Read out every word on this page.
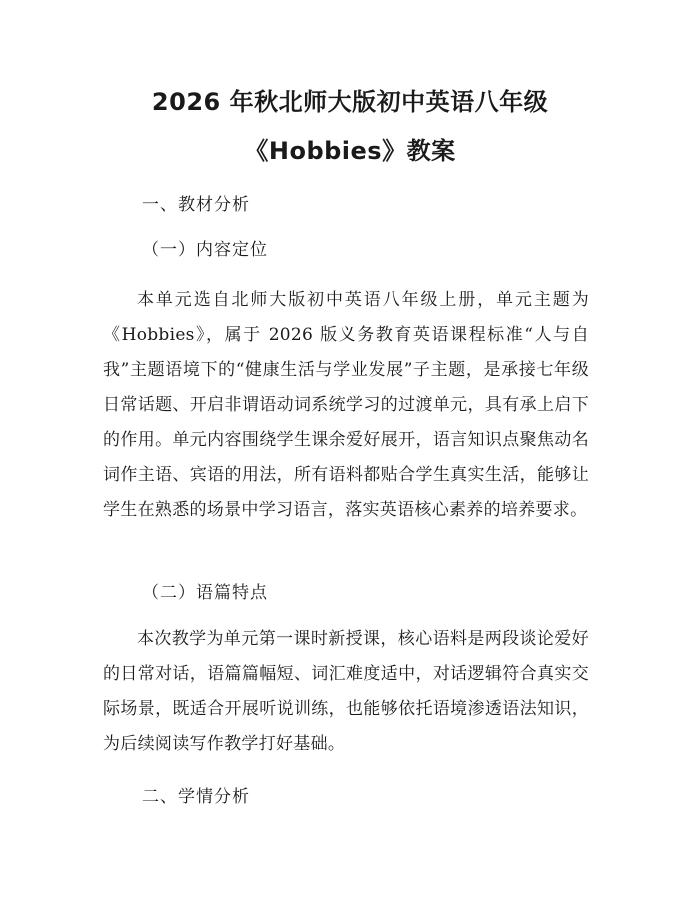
2026 年秋北师大版初中英语八年级
《Hobbies》教案
一、教材分析
（一）内容定位
本单元选自北师大版初中英语八年级上册，单元主题为《Hobbies》，属于 2026 版义务教育英语课程标准“人与自我”主题语境下的“健康生活与学业发展”子主题，是承接七年级日常话题、开启非谓语动词系统学习的过渡单元，具有承上启下的作用。单元内容围绕学生课余爱好展开，语言知识点聚焦动名词作主语、宾语的用法，所有语料都贴合学生真实生活，能够让学生在熟悉的场景中学习语言，落实英语核心素养的培养要求。
（二）语篇特点
本次教学为单元第一课时新授课，核心语料是两段谈论爱好的日常对话，语篇篇幅短、词汇难度适中，对话逻辑符合真实交际场景，既适合开展听说训练，也能够依托语境渗透语法知识，为后续阅读写作教学打好基础。
二、学情分析
